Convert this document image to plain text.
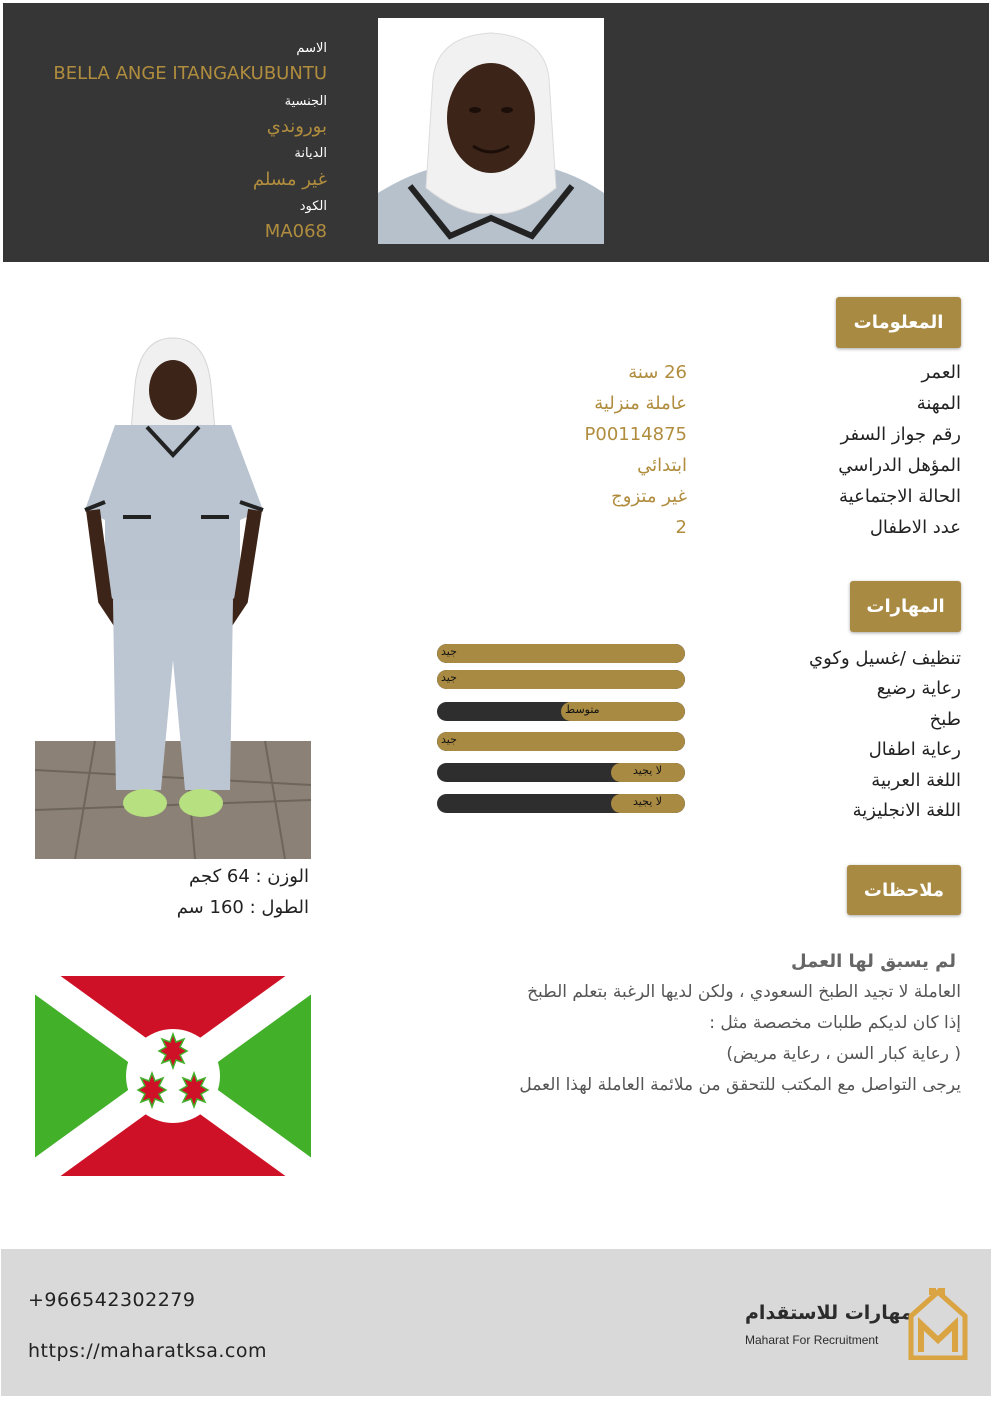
الاسم
BELLA ANGE ITANGAKUBUNTU
الجنسية
بوروندي
الديانة
غير مسلم
الكود
MA068
المعلومات
العمر
26 سنة
المهنة
عاملة منزلية
رقم جواز السفر
P00114875
المؤهل الدراسي
ابتدائي
الحالة الاجتماعية
غير متزوج
عدد الاطفال
2
المهارات
تنظيف /غسيل وكوي
رعاية رضيع
طبخ
رعاية اطفال
اللغة العربية
اللغة الانجليزية
جيد
جيد
متوسط
جيد
لا يجيد
لا يجيد
الوزن : 64 كجم
الطول : 160 سم
ملاحظات
لم يسبق لها العمل
العاملة لا تجيد الطبخ السعودي ، ولكن لديها الرغبة بتعلم الطبخ
إذا كان لديكم طلبات مخصصة مثل :
( رعاية كبار السن ، رعاية مريض)
يرجى التواصل مع المكتب للتحقق من ملائمة العاملة لهذا العمل
+966542302279
https://maharatksa.com
مهارات للاستقدام
Maharat For Recruitment
